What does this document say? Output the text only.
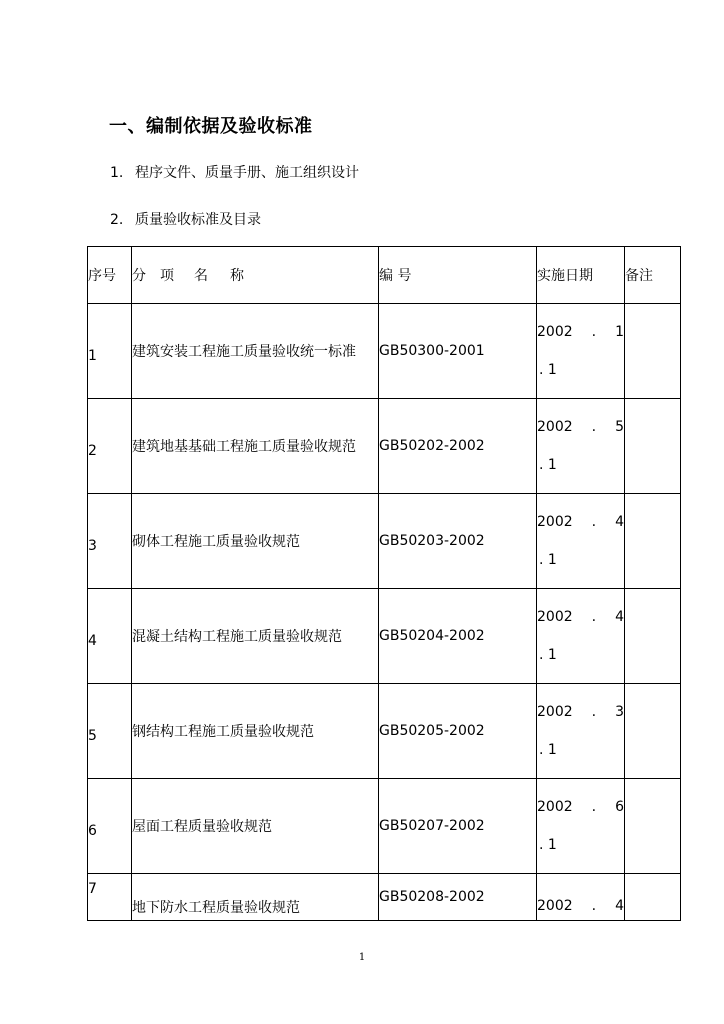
一、编制依据及验收标准
1. 程序文件、质量手册、施工组织设计
2. 质量验收标准及目录
序号	分 项 名 称	编 号	实施日期	备注
1	建筑安装工程施工质量验收统一标准	GB50300-2001	2002 . 1
. 1	

2	建筑地基基础工程施工质量验收规范	GB50202-2002	2002 . 5
. 1	

3	砌体工程施工质量验收规范	GB50203-2002	2002 . 4
. 1	

4	混凝土结构工程施工质量验收规范	GB50204-2002	2002 . 4
. 1	

5	钢结构工程施工质量验收规范	GB50205-2002	2002 . 3
. 1	

6	屋面工程质量验收规范	GB50207-2002	2002 . 6
. 1	

7	地下防水工程质量验收规范	GB50208-2002	2002 . 4	

1
